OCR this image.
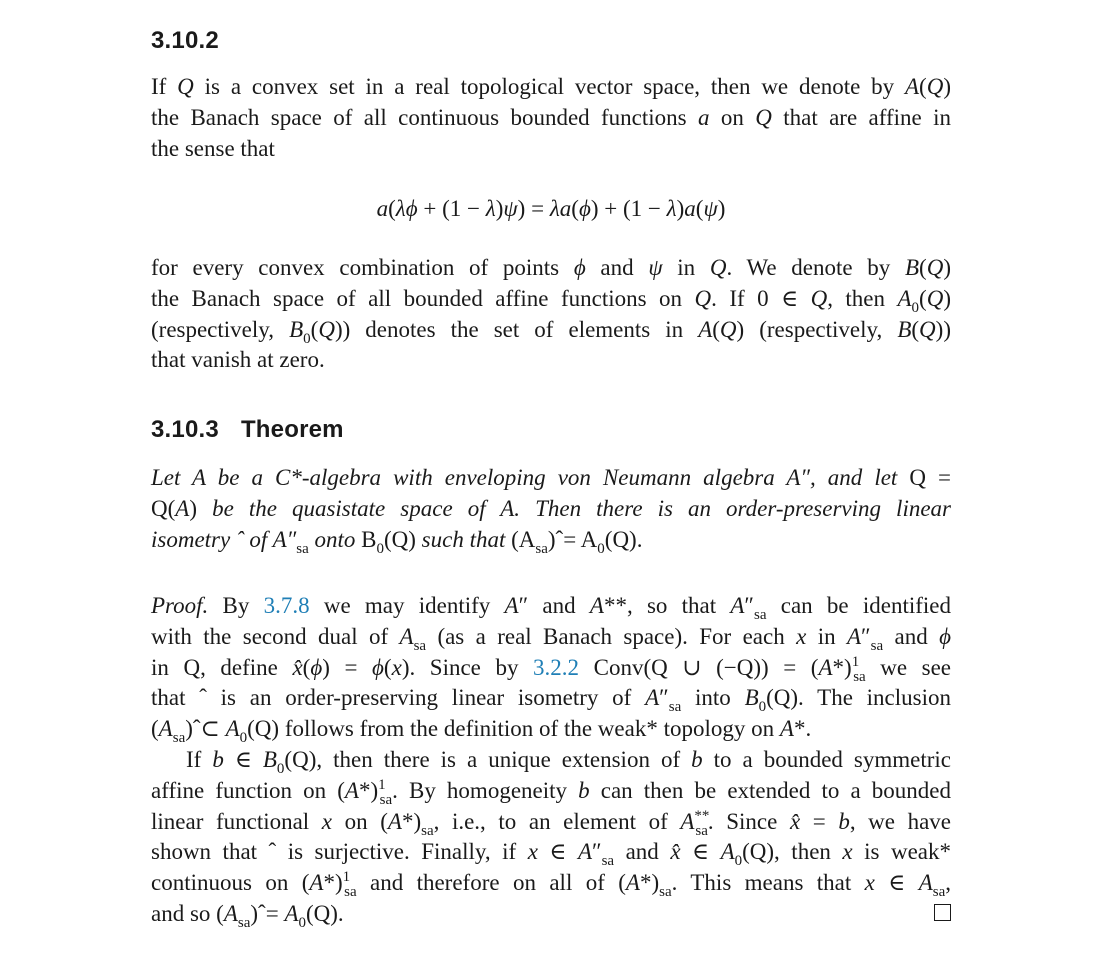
3.10.2
If Q is a convex set in a real topological vector space, then we denote by A(Q)
the Banach space of all continuous bounded functions a on Q that are affine in
the sense that
a(λϕ + (1 − λ)ψ) = λa(ϕ) + (1 − λ)a(ψ)
for every convex combination of points ϕ and ψ in Q. We denote by B(Q)
the Banach space of all bounded affine functions on Q. If 0 ∈ Q, then $A_0(Q)$
(respectively, $B_0(Q)$) denotes the set of elements in A(Q) (respectively, B(Q))
that vanish at zero.
3.10.3 Theorem
Let A be a C*-algebra with enveloping von Neumann algebra A″, and let Q =
Q(A) be the quasistate space of A. Then there is an order-preserving linear
isometry ˆ of $A''_{sa}$ onto $B_0(Q)$ such that $(A_{sa})ˆ= A_0(Q)$.
Proof. By 3.7.8 we may identify A″ and A**, so that $A''_{sa}$ can be identified
with the second dual of $A_{sa}$ (as a real Banach space). For each x in $A''_{sa}$ and ϕ
in Q, define x̂(ϕ) = ϕ(x). Since by 3.2.2 Conv(Q ∪ $(-Q)) = (A*)^1_{sa}$ we see
that ˆ is an order-preserving linear isometry of $A''_{sa}$ into $B_0(Q)$. The inclusion
$(A_{sa})ˆ\subset$ $A_0(Q)$ follows from the definition of the weak* topology on A*.
If b ∈ $B_0(Q)$, then there is a unique extension of b to a bounded symmetric
affine function on $(A*)^1_{sa}$. By homogeneity b can then be extended to a bounded
linear functional x on $(A*)_{sa}$, i.e., to an element of $A^{**}_{sa}$. Since x̂ = b, we have
shown that ˆ is surjective. Finally, if x ∈ $A''_{sa}$ and x̂ ∈ $A_0(Q)$, then x is weak*
continuous on $(A*)^1_{sa}$ and therefore on all of $(A*)_{sa}$. This means that x ∈ $A_{sa}$,
and so $(A_{sa})ˆ= A_0(Q)$.
